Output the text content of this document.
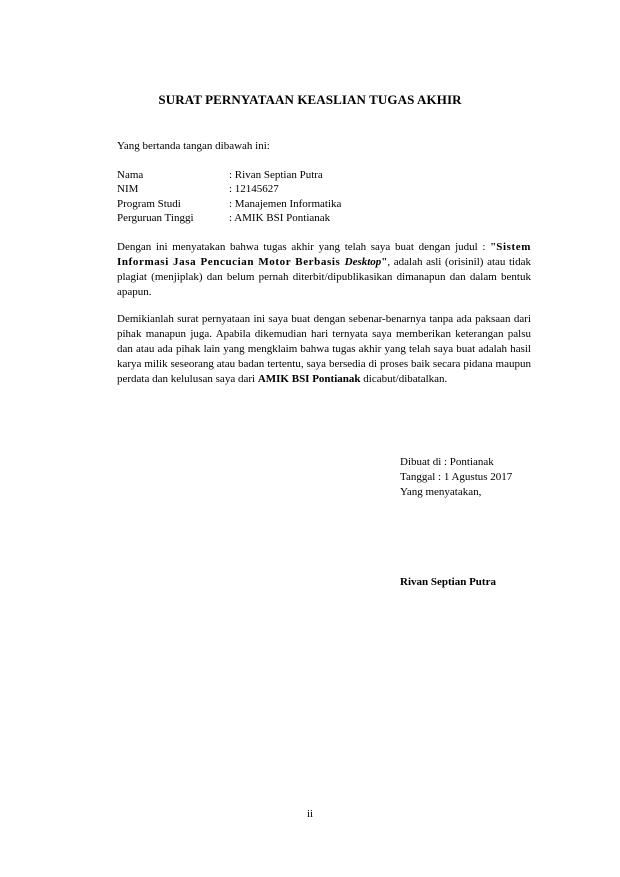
SURAT PERNYATAAN KEASLIAN TUGAS AKHIR
Yang bertanda tangan dibawah ini:
Nama	: Rivan Septian Putra
NIM	: 12145627
Program Studi	: Manajemen Informatika
Perguruan Tinggi	: AMIK BSI Pontianak
Dengan ini menyatakan bahwa tugas akhir yang telah saya buat dengan judul : "Sistem Informasi Jasa Pencucian Motor Berbasis Desktop", adalah asli (orisinil) atau tidak plagiat (menjiplak) dan belum pernah diterbit/dipublikasikan dimanapun dan dalam bentuk apapun.
Demikianlah surat pernyataan ini saya buat dengan sebenar-benarnya tanpa ada paksaan dari pihak manapun juga. Apabila dikemudian hari ternyata saya memberikan keterangan palsu dan atau ada pihak lain yang mengklaim bahwa tugas akhir yang telah saya buat adalah hasil karya milik seseorang atau badan tertentu, saya bersedia di proses baik secara pidana maupun perdata dan kelulusan saya dari AMIK BSI Pontianak dicabut/dibatalkan.
Dibuat di : Pontianak
Tanggal : 1 Agustus 2017
Yang menyatakan,
Rivan Septian Putra
ii
